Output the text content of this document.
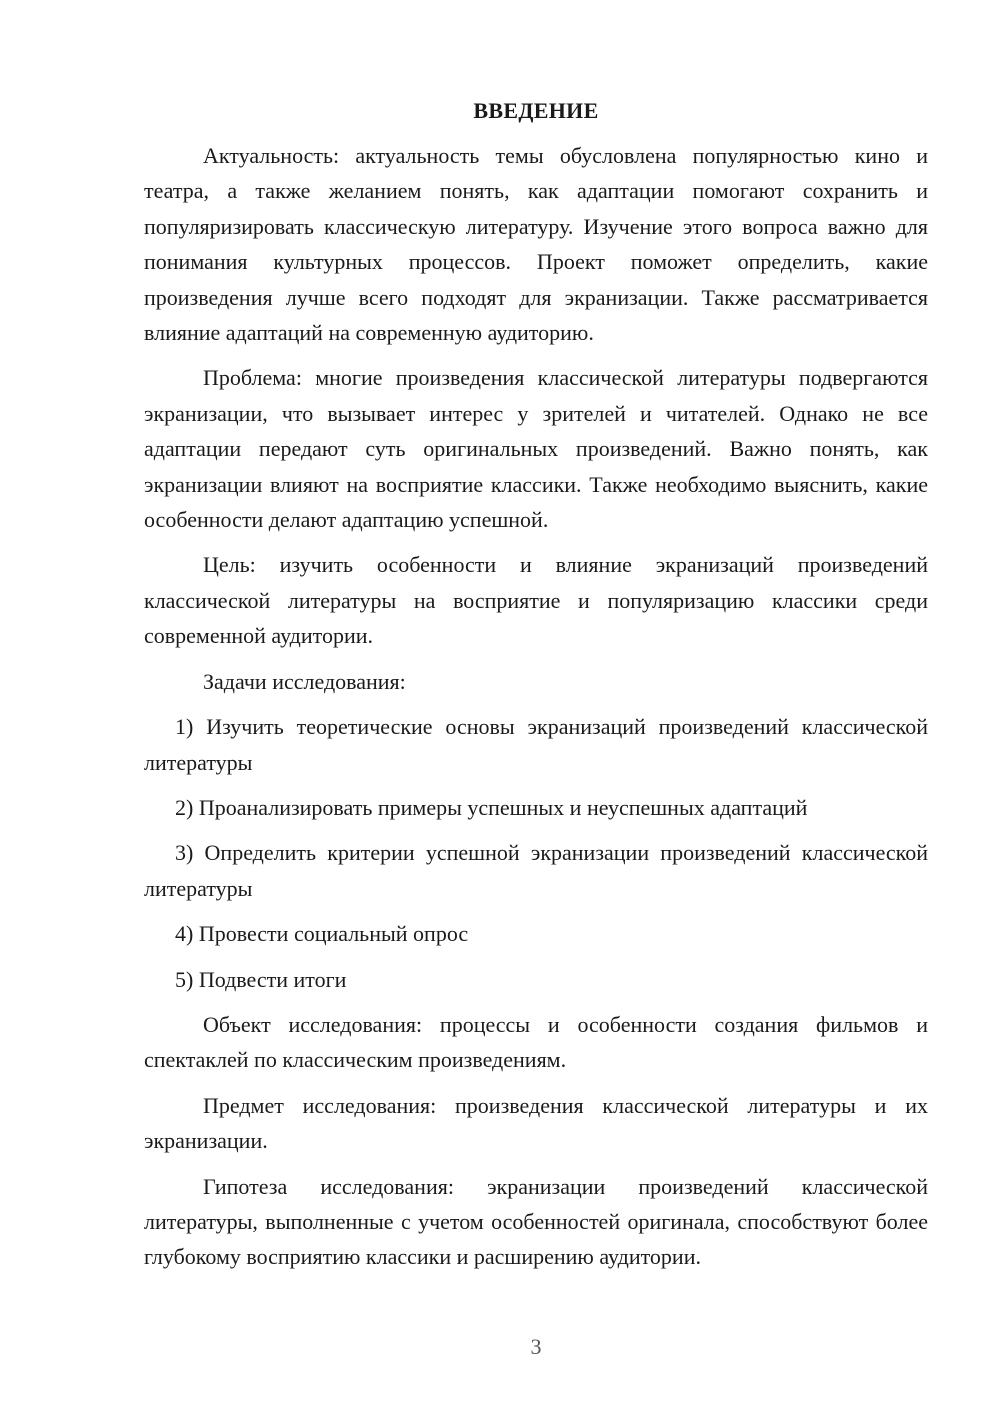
ВВЕДЕНИЕ

Актуальность: актуальность темы обусловлена популярностью кино и театра, а также желанием понять, как адаптации помогают сохранить и популяризировать классическую литературу. Изучение этого вопроса важно для понимания культурных процессов. Проект поможет определить, какие произведения лучше всего подходят для экранизации. Также рассматривается влияние адаптаций на современную аудиторию.

Проблема: многие произведения классической литературы подвергаются экранизации, что вызывает интерес у зрителей и читателей. Однако не все адаптации передают суть оригинальных произведений. Важно понять, как экранизации влияют на восприятие классики. Также необходимо выяснить, какие особенности делают адаптацию успешной.

Цель: изучить особенности и влияние экранизаций произведений классической литературы на восприятие и популяризацию классики среди современной аудитории.

Задачи исследования:

1) Изучить теоретические основы экранизаций произведений классической литературы

2) Проанализировать примеры успешных и неуспешных адаптаций

3) Определить критерии успешной экранизации произведений классической литературы

4) Провести социальный опрос

5) Подвести итоги

Объект исследования: процессы и особенности создания фильмов и спектаклей по классическим произведениям.

Предмет исследования: произведения классической литературы и их экранизации.

Гипотеза исследования: экранизации произведений классической литературы, выполненные с учетом особенностей оригинала, способствуют более глубокому восприятию классики и расширению аудитории.

3
